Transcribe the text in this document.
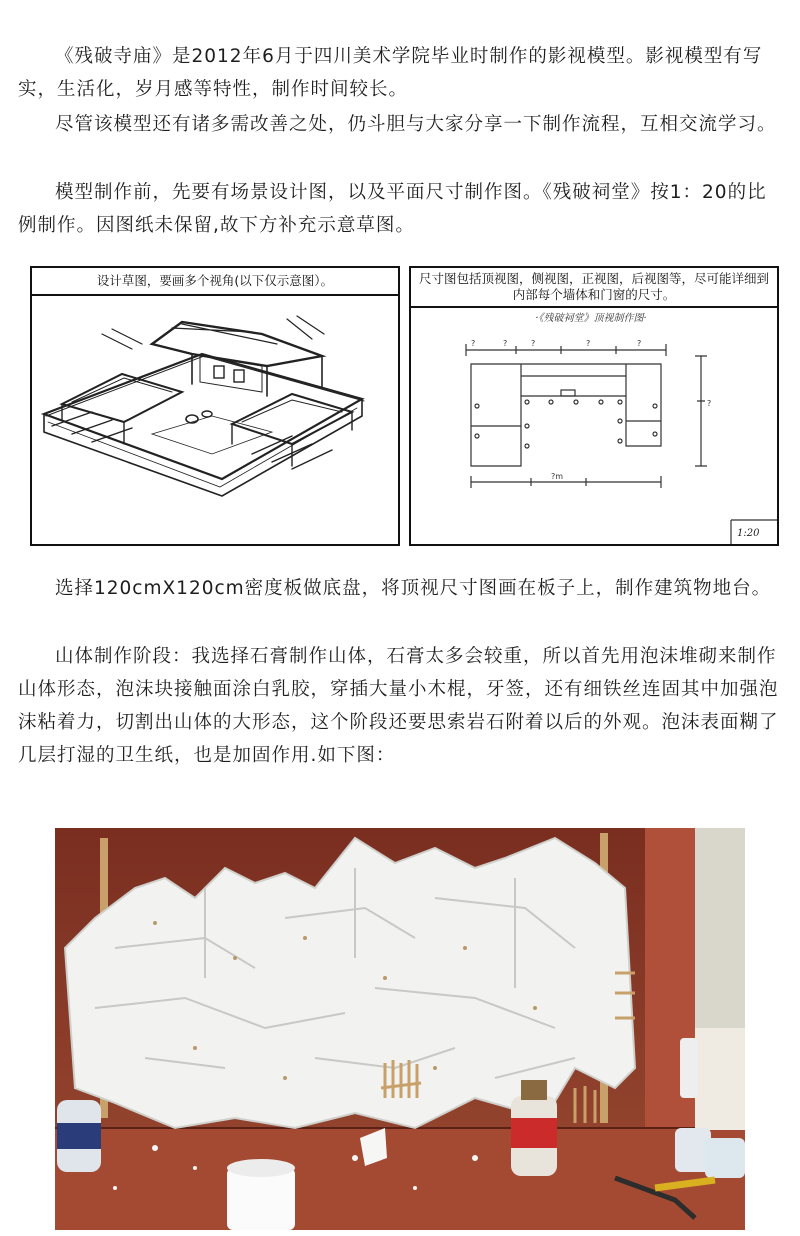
《残破寺庙》是2012年6月于四川美术学院毕业时制作的影视模型。影视模型有写实，生活化，岁月感等特性，制作时间较长。

尽管该模型还有诸多需改善之处，仍斗胆与大家分享一下制作流程，互相交流学习。

模型制作前，先要有场景设计图，以及平面尺寸制作图。《残破祠堂》按1：20的比例制作。因图纸未保留,故下方补充示意草图。

设计草图，要画多个视角(以下仅示意图）。	尺寸图包括顶视图，侧视图，正视图，后视图等，尽可能详细到内部每个墙体和门窗的尺寸。
·《残破祠堂》顶视制作图·
?	?	?	?	?
?m
?
1:20

选择120cmX120cm密度板做底盘，将顶视尺寸图画在板子上，制作建筑物地台。

山体制作阶段：我选择石膏制作山体，石膏太多会较重，所以首先用泡沫堆砌来制作山体形态，泡沫块接触面涂白乳胶，穿插大量小木棍，牙签，还有细铁丝连固其中加强泡沫粘着力，切割出山体的大形态，这个阶段还要思索岩石附着以后的外观。泡沫表面糊了几层打湿的卫生纸，也是加固作用.如下图：
